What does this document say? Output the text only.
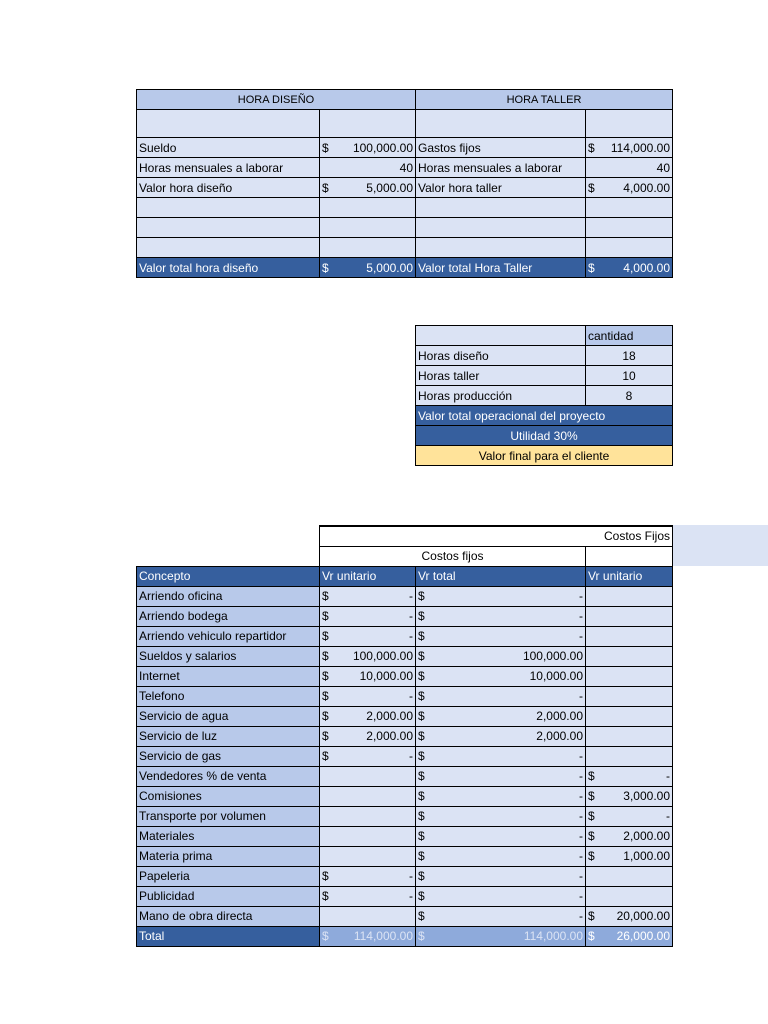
HORA DISEÑO		HORA TALLER	

Sueldo	$ 100,000.00	Gastos fijos	$ 114,000.00

Horas mensuales a laborar	40	Horas mensuales a laborar	40

Valor hora diseño	$ 5,000.00	Valor hora taller	$ 4,000.00

Valor total hora diseño	$ 5,000.00	Valor total Hora Taller	$ 4,000.00
	cantidad
Horas diseño	18
Horas taller	10
Horas producción	8
Valor total operacional del proyecto	
Utilidad 30%	
Valor final para el cliente	
	Costos Fijos		
	Costos fijos		
Concepto	Vr unitario	Vr total	Vr unitario
Arriendo oficina	$ -	$ -	

Arriendo bodega	$ -	$ -	

Arriendo vehiculo repartidor	$ -	$ -	

Sueldos y salarios	$ 100,000.00	$ 100,000.00	

Internet	$ 10,000.00	$ 10,000.00	

Telefono	$ -	$ -	

Servicio de agua	$ 2,000.00	$ 2,000.00	

Servicio de luz	$ 2,000.00	$ 2,000.00	

Servicio de gas	$ -	$ -	

Vendedores % de venta		$ -	$ -

Comisiones		$ -	$ 3,000.00

Transporte por volumen		$ -	$ -

Materiales		$ -	$ 2,000.00

Materia prima		$ -	$ 1,000.00

Papeleria	$ -	$ -	

Publicidad	$ -	$ -	

Mano de obra directa		$ -	$ 20,000.00

Total	$ 114,000.00	$ 114,000.00	$ 26,000.00
